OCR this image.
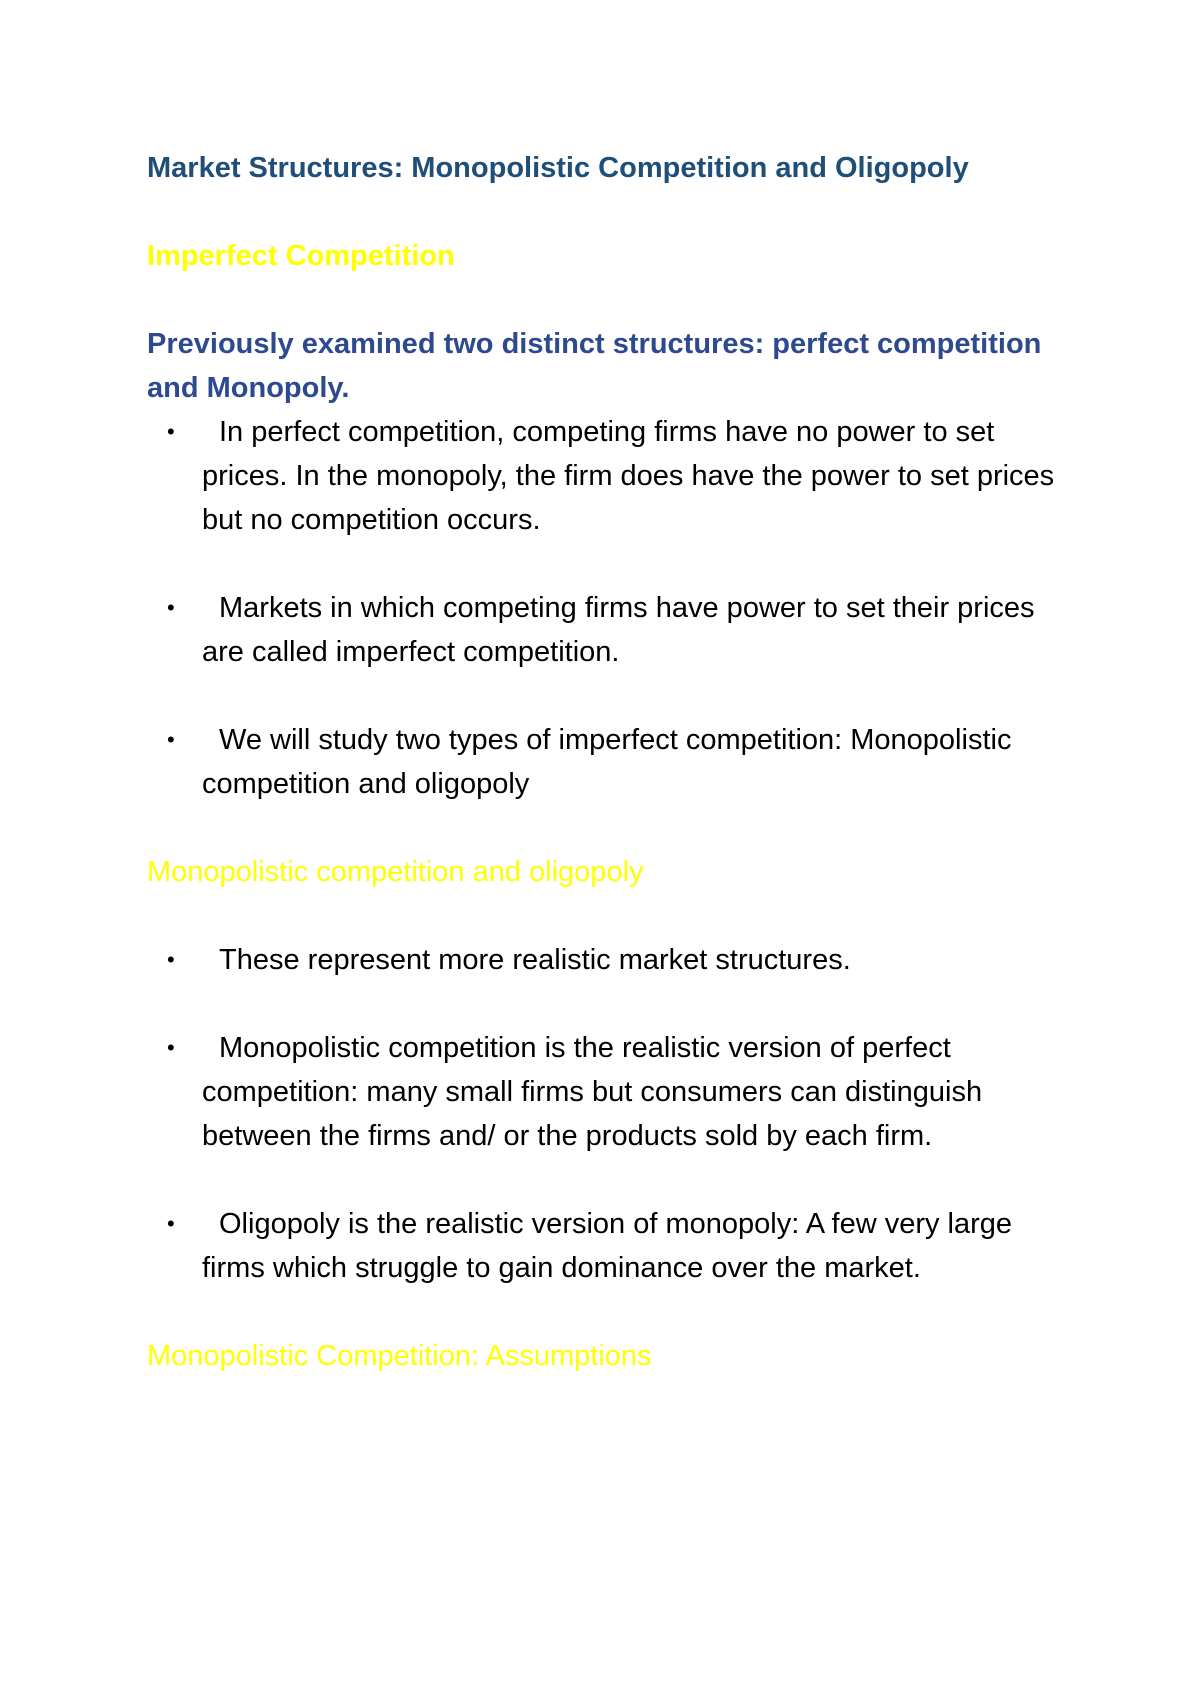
Market Structures: Monopolistic Competition and Oligopoly
Imperfect Competition

Previously examined two distinct structures: perfect competition and Monopoly.

• In perfect competition, competing firms have no power to set prices. In the monopoly, the firm does have the power to set prices but no competition occurs.
• Markets in which competing firms have power to set their prices are called imperfect competition.
• We will study two types of imperfect competition: Monopolistic competition and oligopoly
Monopolistic competition and oligopoly
• These represent more realistic market structures.
• Monopolistic competition is the realistic version of perfect competition: many small firms but consumers can distinguish between the firms and/ or the products sold by each firm.
• Oligopoly is the realistic version of monopoly: A few very large firms which struggle to gain dominance over the market.
Monopolistic Competition: Assumptions
